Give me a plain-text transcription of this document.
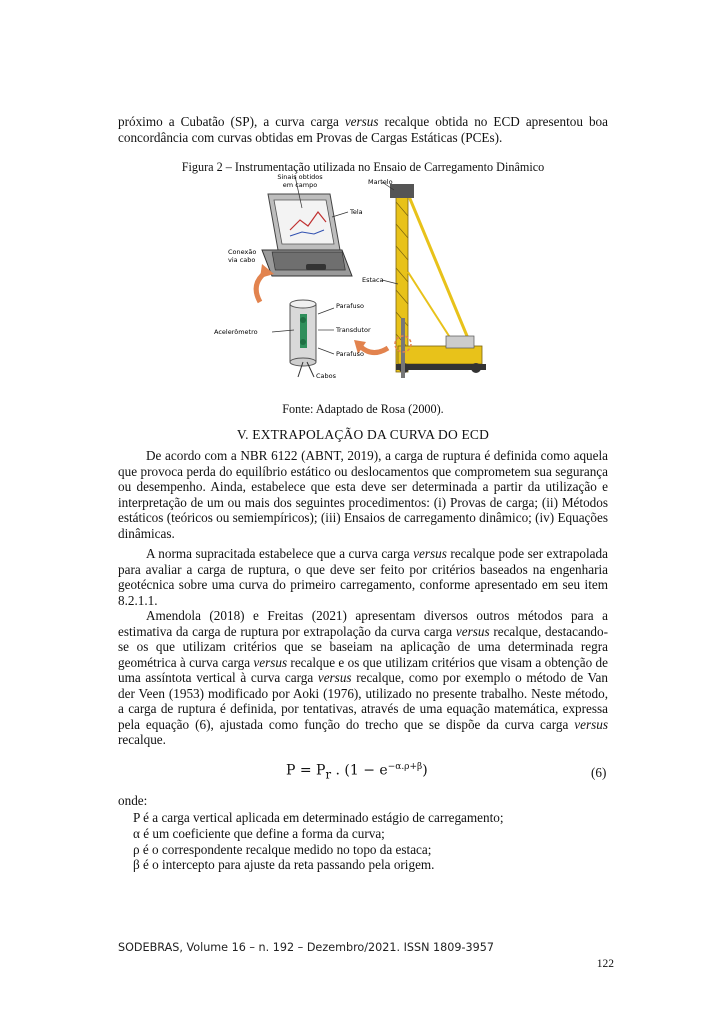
próximo a Cubatão (SP), a curva carga versus recalque obtida no ECD apresentou boa concordância com curvas obtidas em Provas de Cargas Estáticas (PCEs).
Figura 2 – Instrumentação utilizada no Ensaio de Carregamento Dinâmico
Sinais obtidos
em campo
Tela
Martelo
Conexão
via cabo
Estaca
Parafuso
Transdutor
Acelerômetro
Parafuso
Cabos
Fonte: Adaptado de Rosa (2000).
V. EXTRAPOLAÇÃO DA CURVA DO ECD
De acordo com a NBR 6122 (ABNT, 2019), a carga de ruptura é definida como aquela que provoca perda do equilíbrio estático ou deslocamentos que comprometem sua segurança ou desempenho. Ainda, estabelece que esta deve ser determinada a partir da utilização e interpretação de um ou mais dos seguintes procedimentos: (i) Provas de carga; (ii) Métodos estáticos (teóricos ou semiempíricos); (iii) Ensaios de carregamento dinâmico; (iv) Equações dinâmicas.
A norma supracitada estabelece que a curva carga versus recalque pode ser extrapolada para avaliar a carga de ruptura, o que deve ser feito por critérios baseados na engenharia geotécnica sobre uma curva do primeiro carregamento, conforme apresentado em seu item 8.2.1.1.
Amendola (2018) e Freitas (2021) apresentam diversos outros métodos para a estimativa da carga de ruptura por extrapolação da curva carga versus recalque, destacando-se os que utilizam critérios que se baseiam na aplicação de uma determinada regra geométrica à curva carga versus recalque e os que utilizam critérios que visam a obtenção de uma assíntota vertical à curva carga versus recalque, como por exemplo o método de Van der Veen (1953) modificado por Aoki (1976), utilizado no presente trabalho. Neste método, a carga de ruptura é definida, por tentativas, através de uma equação matemática, expressa pela equação (6), ajustada como função do trecho que se dispõe da curva carga versus recalque.
$P = P_r$ . $(1 - e^{-\alpha.\rho+\beta})$	(6)
onde:
P é a carga vertical aplicada em determinado estágio de carregamento;
α é um coeficiente que define a forma da curva;
ρ é o correspondente recalque medido no topo da estaca;
β é o intercepto para ajuste da reta passando pela origem.
SODEBRAS, Volume 16 – n. 192 – Dezembro/2021. ISSN 1809-3957
122
